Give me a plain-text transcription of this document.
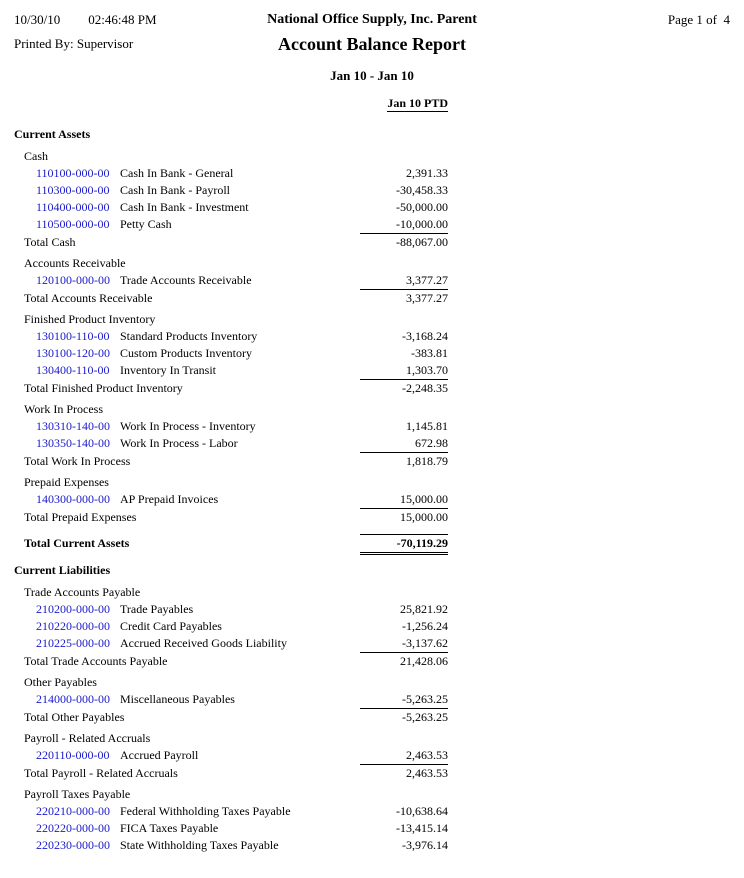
10/30/10 02:46:48 PM
Printed By: Supervisor
National Office Supply, Inc. Parent
Account Balance Report
Jan 10 - Jan 10
Page 1 of  4
Jan 10 PTD
Current Assets
Cash
110100-000-00 Cash In Bank - General	2,391.33
110300-000-00 Cash In Bank - Payroll	-30,458.33
110400-000-00 Cash In Bank - Investment	-50,000.00
110500-000-00 Petty Cash	-10,000.00
Total Cash	-88,067.00
Accounts Receivable
120100-000-00 Trade Accounts Receivable	3,377.27
Total Accounts Receivable	3,377.27
Finished Product Inventory
130100-110-00 Standard Products Inventory	-3,168.24
130100-120-00 Custom Products Inventory	-383.81
130400-110-00 Inventory In Transit	1,303.70
Total Finished Product Inventory	-2,248.35
Work In Process
130310-140-00 Work In Process - Inventory	1,145.81
130350-140-00 Work In Process - Labor	672.98
Total Work In Process	1,818.79
Prepaid Expenses
140300-000-00 AP Prepaid Invoices	15,000.00
Total Prepaid Expenses	15,000.00
Total Current Assets	-70,119.29
Current Liabilities
Trade Accounts Payable
210200-000-00 Trade Payables	25,821.92
210220-000-00 Credit Card Payables	-1,256.24
210225-000-00 Accrued Received Goods Liability	-3,137.62
Total Trade Accounts Payable	21,428.06
Other Payables
214000-000-00 Miscellaneous Payables	-5,263.25
Total Other Payables	-5,263.25
Payroll - Related Accruals
220110-000-00 Accrued Payroll	2,463.53
Total Payroll - Related Accruals	2,463.53
Payroll Taxes Payable
220210-000-00 Federal Withholding Taxes Payable	-10,638.64
220220-000-00 FICA Taxes Payable	-13,415.14
220230-000-00 State Withholding Taxes Payable	-3,976.14
